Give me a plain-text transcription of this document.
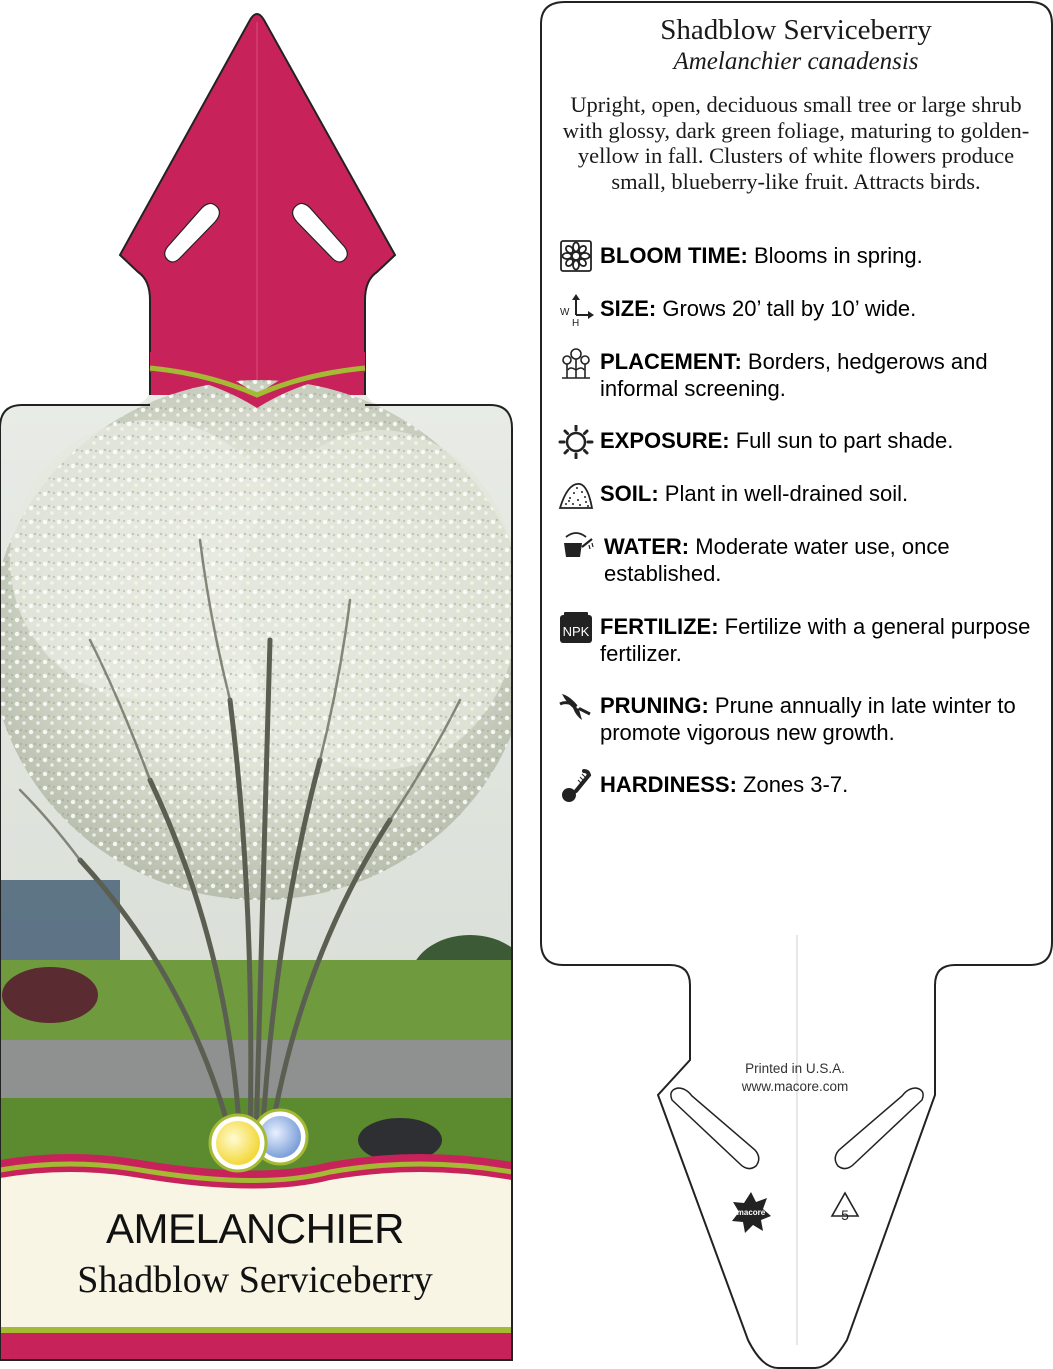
AMELANCHIER
Shadblow Serviceberry
macore	5
Shadblow Serviceberry
Amelanchier canadensis
Upright, open, deciduous small tree or large shrub with glossy, dark green foliage, maturing to golden-yellow in fall. Clusters of white flowers produce small, blueberry-like fruit. Attracts birds.
BLOOM TIME: Blooms in spring.
W
H
SIZE: Grows 20’ tall by 10’ wide.
PLACEMENT: Borders, hedgerows and informal screening.
EXPOSURE: Full sun to part shade.
SOIL: Plant in well-drained soil.
WATER: Moderate water use, once established.
NPK FERTILIZE: Fertilize with a general purpose fertilizer.
PRUNING: Prune annually in late winter to promote vigorous new growth.
HARDINESS: Zones 3-7.
Printed in U.S.A.
www.macore.com
